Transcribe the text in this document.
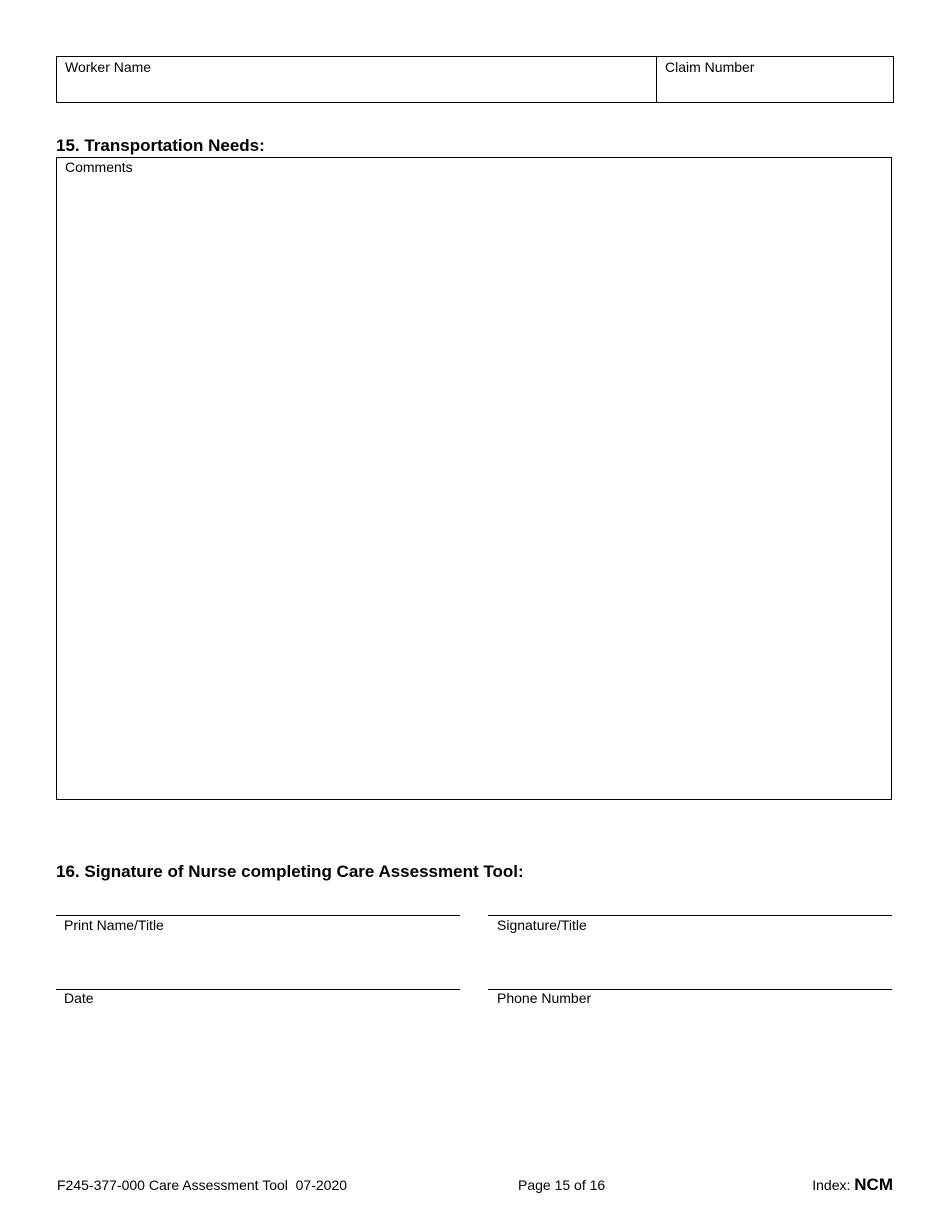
Worker Name	Claim Number
15. Transportation Needs:
Comments
16. Signature of Nurse completing Care Assessment Tool:
Print Name/Title	Signature/Title
Date	Phone Number
F245-377-000 Care Assessment Tool  07-2020	Page 15 of 16	Index: NCM
